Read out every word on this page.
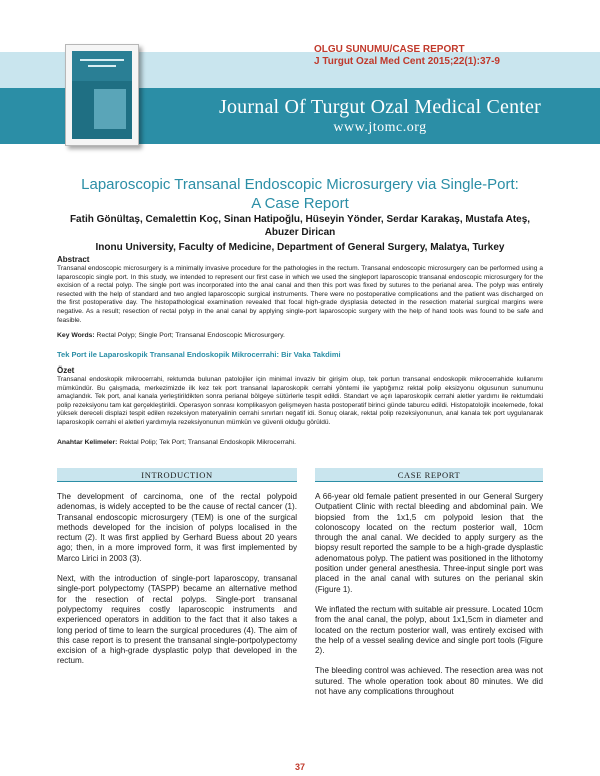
OLGU SUNUMU/CASE REPORT
J Turgut Ozal Med Cent 2015;22(1):37-9
Journal Of Turgut Ozal Medical Center
www.jtomc.org
Laparoscopic Transanal Endoscopic Microsurgery via Single-Port:
A Case Report
Fatih Gönültaş, Cemalettin Koç, Sinan Hatipoğlu, Hüseyin Yönder, Serdar Karakaş, Mustafa Ateş,
Abuzer Dirican
Inonu University, Faculty of Medicine, Department of General Surgery, Malatya, Turkey
Abstract
Transanal endoscopic microsurgery is a minimally invasive procedure for the pathologies in the rectum. Transanal endoscopic microsurgery can be performed using a laparoscopic single port. In this study, we intended to represent our first case in which we used the singleport laparoscopic transanal endoscopic microsurgery for the excision of a rectal polyp. The single port was incorporated into the anal canal and then this port was fixed by sutures to the perianal area. The polyp was entirely resected with the help of standard and two angled laparoscopic surgical instruments. There were no postoperative complications and the patient was discharged on the first postoperative day. The histopathological examination revealed that focal high-grade dysplasia detected in the resection material surgical margins were negative. As a result; resection of rectal polyp in the anal canal by applying single-port laparoscopic surgery with the help of hand tools was found to be safe and feasible.
Key Words: Rectal Polyp; Single Port; Transanal Endoscopic Microsurgery.
Tek Port ile Laparoskopik Transanal Endoskopik Mikrocerrahi: Bir Vaka Takdimi
Özet
Transanal endoskopik mikrocerrahi, rektumda bulunan patolojiler için minimal invaziv bir girişim olup, tek portun transanal endoskopik mikrocerrahide kullanımı mümkündür. Bu çalışmada, merkezimizde ilk kez tek port transanal laparoskopik cerrahi yöntemi ile yaptığımız rektal polip eksizyonu olgusunun sunumunu amaçlandık. Tek port, anal kanala yerleştirildikten sonra perianal bölgeye sütürlerle tespit edildi. Standart ve açılı laparoskopik cerrahi aletler yardımı ile rektumdaki polip rezeksiyonu tam kat gerçekleştirildi. Operasyon sonrası komplikasyon gelişmeyen hasta postoperatif birinci günde taburcu edildi. Histopatolojik incelemede, fokal yüksek dereceli displazi tespit edilen rezeksiyon materyalinin cerrahi sınırları negatif idi. Sonuç olarak, rektal polip rezeksiyonunun, anal kanala tek port uygulanarak laparoskopik cerrahi el aletleri yardımıyla rezeksiyonunun mümkün ve güvenli olduğu görüldü.
Anahtar Kelimeler: Rektal Polip; Tek Port; Transanal Endoskopik Mikrocerrahi.
INTRODUCTION	CASE REPORT

The development of carcinoma, one of the rectal polypoid adenomas, is widely accepted to be the cause of rectal cancer (1). Transanal endoscopic microsurgery (TEM) is one of the surgical methods developed for the incision of polyps localised in the rectum (2). It was first applied by Gerhard Buess about 20 years ago; then, in a more improved form, it was first implemented by Marco Lirici in 2003 (3).

Next, with the introduction of single-port laparoscopy, transanal single-port polypectomy (TASPP) became an alternative method for the resection of rectal polyps. Single-port transanal polypectomy requires costly laparoscopic instruments and experienced operators in addition to the fact that it also takes a long period of time to learn the surgical procedures (4). The aim of this case report is to present the transanal single-portpolypectomy excision of a high-grade dysplastic polyp that developed in the rectum.

A 66-year old female patient presented in our General Surgery Outpatient Clinic with rectal bleeding and abdominal pain. We biopsied from the 1x1,5 cm polypoid lesion that the colonoscopy located on the rectum posterior wall, 10cm through the anal canal. We decided to apply surgery as the biopsy result reported the sample to be a high-grade dysplastic adenomatous polyp. The patient was positioned in the lithotomy position under general anesthesia. Three-input single port was placed in the anal canal with sutures on the perianal skin (Figure 1).

We inflated the rectum with suitable air pressure. Located 10cm from the anal canal, the polyp, about 1x1,5cm in diameter and located on the rectum posterior wall, was entirely excised with the help of a vessel sealing device and single port tools (Figure 2).

The bleeding control was achieved. The resection area was not sutured. The whole operation took about 80 minutes. We did not have any complications throughout

37
